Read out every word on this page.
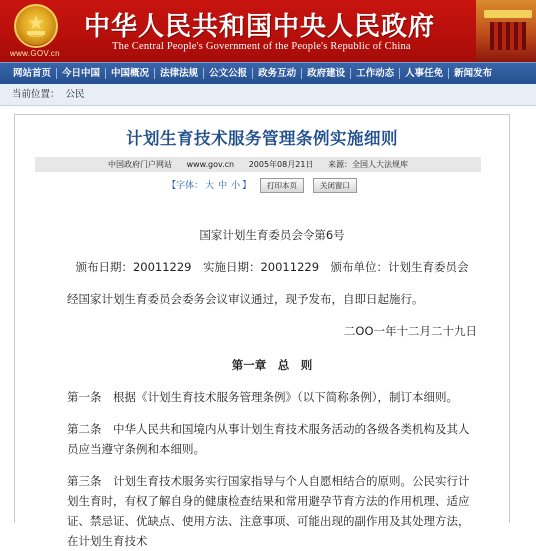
www.GOV.cn
中华人民共和国中央人民政府
The Central People's Government of the People's Republic of China
网站首页	今日中国	中国概况	法律法规	公文公报	政务互动	政府建设	工作动态	人事任免	新闻发布
当前位置： 公民
计划生育技术服务管理条例实施细则
中国政府门户网站 www.gov.cn 2005年08月21日 来源：全国人大法规库
【字体： 大 中 小 】 打印本页	关闭窗口
国家计划生育委员会令第6号
颁布日期：20011229　实施日期：20011229　颁布单位：计划生育委员会
经国家计划生育委员会委务会议审议通过，现予发布，自即日起施行。
二OO一年十二月二十九日
第一章　总　则
第一条　根据《计划生育技术服务管理条例》（以下简称条例），制订本细则。
第二条　中华人民共和国境内从事计划生育技术服务活动的各级各类机构及其人员应当遵守条例和本细则。
第三条　计划生育技术服务实行国家指导与个人自愿相结合的原则。公民实行计划生育时，有权了解自身的健康检查结果和常用避孕节育方法的作用机理、适应证、禁忌证、优缺点、使用方法、注意事项、可能出现的副作用及其处理方法，在计划生育技术
